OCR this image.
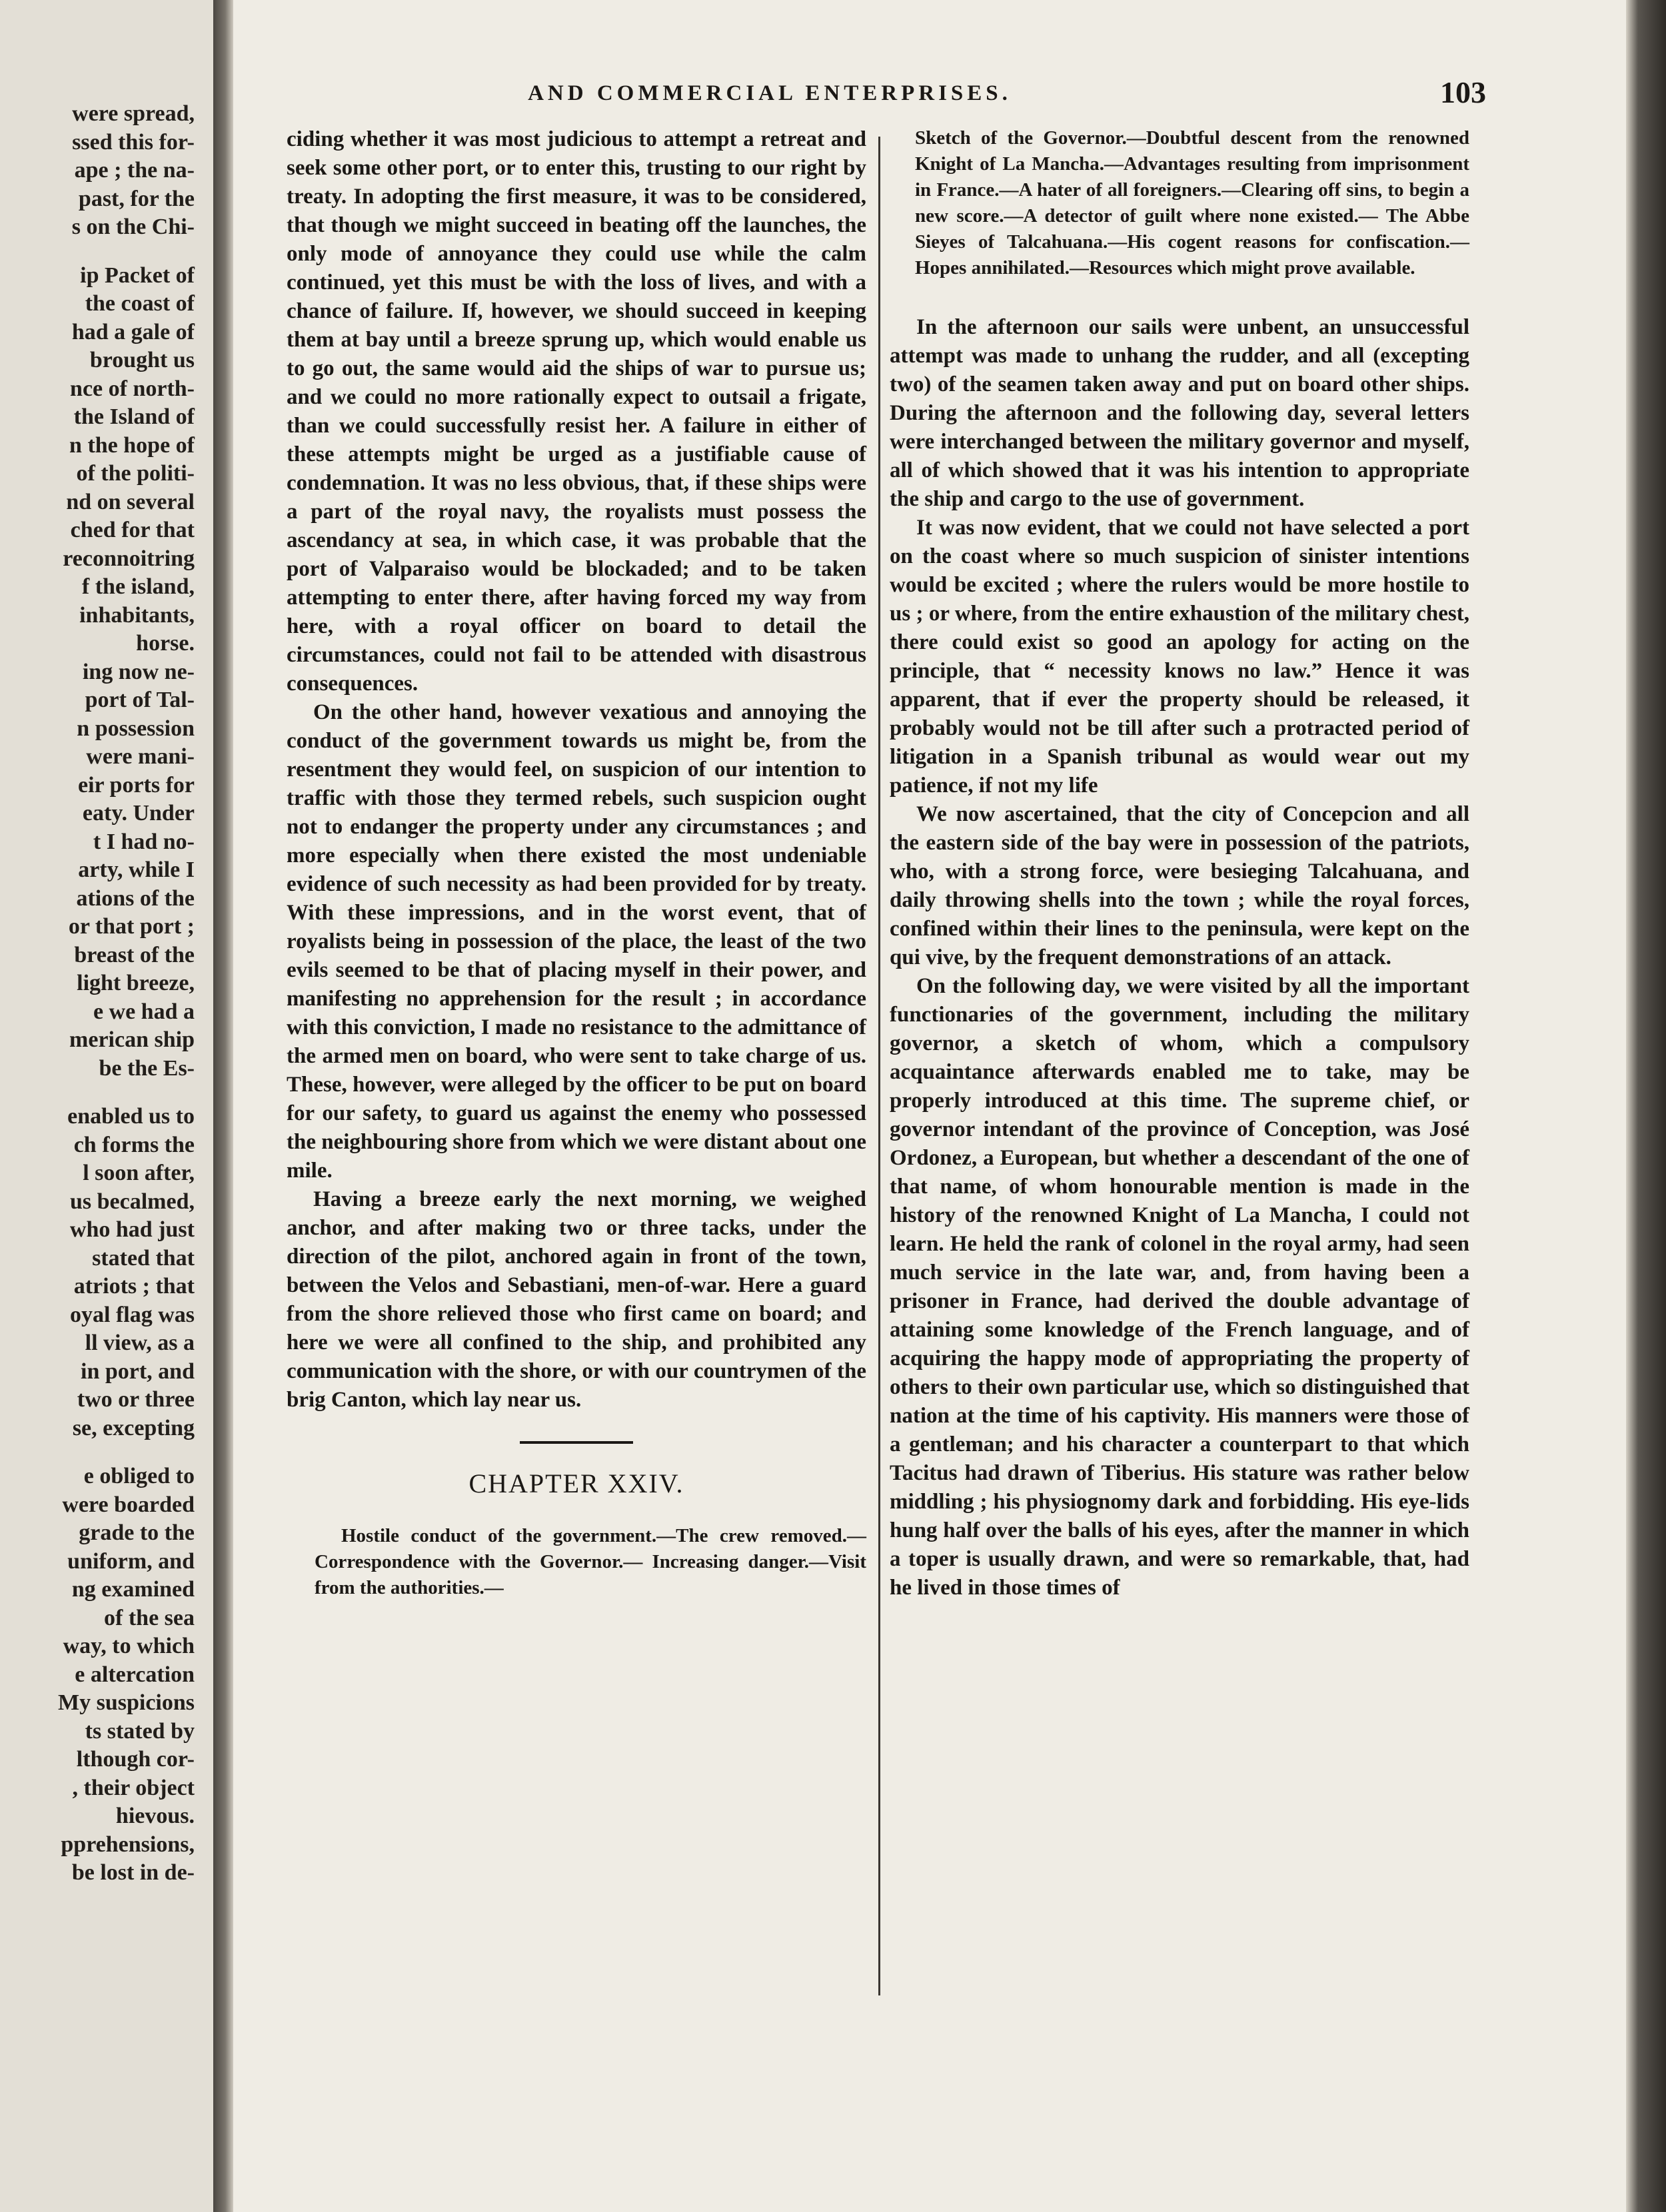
were spread,
ssed this for-
ape ; the na-
past, for the
s on the Chi-
ip Packet of
the coast of
had a gale of
brought us
nce of north-
the Island of
n the hope of
of the politi-
nd on several
ched for that
reconnoitring
f the island,
inhabitants,
horse.
ing now ne-
port of Tal-
n possession
were mani-
eir ports for
eaty. Under
t I had no-
arty, while I
ations of the
or that port ;
breast of the
light breeze,
e we had a
merican ship
be the Es-
enabled us to
ch forms the
l soon after,
us becalmed,
who had just
stated that
atriots ; that
oyal flag was
ll view, as a
in port, and
two or three
se, excepting
e obliged to
were boarded
grade to the
uniform, and
ng examined
of the sea
way, to which
e altercation
My suspicions
ts stated by
lthough cor-
, their object
hievous.
pprehensions,
be lost in de-
AND COMMERCIAL ENTERPRISES.	103

ciding whether it was most judicious to attempt a retreat and seek some other port, or to enter this, trusting to our right by treaty. In adopting the first measure, it was to be considered, that though we might succeed in beating off the launches, the only mode of annoyance they could use while the calm continued, yet this must be with the loss of lives, and with a chance of failure. If, however, we should succeed in keeping them at bay until a breeze sprung up, which would enable us to go out, the same would aid the ships of war to pursue us; and we could no more rationally expect to outsail a frigate, than we could successfully resist her. A failure in either of these attempts might be urged as a justifiable cause of condemnation. It was no less obvious, that, if these ships were a part of the royal navy, the royalists must possess the ascendancy at sea, in which case, it was probable that the port of Valparaiso would be blockaded; and to be taken attempting to enter there, after having forced my way from here, with a royal officer on board to detail the circumstances, could not fail to be attended with disastrous consequences.

On the other hand, however vexatious and annoying the conduct of the government towards us might be, from the resentment they would feel, on suspicion of our intention to traffic with those they termed rebels, such suspicion ought not to endanger the property under any circumstances ; and more especially when there existed the most undeniable evidence of such necessity as had been provided for by treaty. With these impressions, and in the worst event, that of royalists being in possession of the place, the least of the two evils seemed to be that of placing myself in their power, and manifesting no apprehension for the result ; in accordance with this conviction, I made no resistance to the admittance of the armed men on board, who were sent to take charge of us. These, however, were alleged by the officer to be put on board for our safety, to guard us against the enemy who possessed the neighbouring shore from which we were distant about one mile.

Having a breeze early the next morning, we weighed anchor, and after making two or three tacks, under the direction of the pilot, anchored again in front of the town, between the Velos and Sebastiani, men-of-war. Here a guard from the shore relieved those who first came on board; and here we were all confined to the ship, and prohibited any communication with the shore, or with our countrymen of the brig Canton, which lay near us.

CHAPTER XXIV.

Hostile conduct of the government.—The crew removed.— Correspondence with the Governor.— Increasing danger.—Visit from the authorities.—

Sketch of the Governor.—Doubtful descent from the renowned Knight of La Mancha.—Advantages resulting from imprisonment in France.—A hater of all foreigners.—Clearing off sins, to begin a new score.—A detector of guilt where none existed.— The Abbe Sieyes of Talcahuana.—His cogent reasons for confiscation.—Hopes annihilated.—Resources which might prove available.

In the afternoon our sails were unbent, an unsuccessful attempt was made to unhang the rudder, and all (excepting two) of the seamen taken away and put on board other ships. During the afternoon and the following day, several letters were interchanged between the military governor and myself, all of which showed that it was his intention to appropriate the ship and cargo to the use of government.

It was now evident, that we could not have selected a port on the coast where so much suspicion of sinister intentions would be excited ; where the rulers would be more hostile to us ; or where, from the entire exhaustion of the military chest, there could exist so good an apology for acting on the principle, that “ necessity knows no law.” Hence it was apparent, that if ever the property should be released, it probably would not be till after such a protracted period of litigation in a Spanish tribunal as would wear out my patience, if not my life

We now ascertained, that the city of Concepcion and all the eastern side of the bay were in possession of the patriots, who, with a strong force, were besieging Talcahuana, and daily throwing shells into the town ; while the royal forces, confined within their lines to the peninsula, were kept on the qui vive, by the frequent demonstrations of an attack.

On the following day, we were visited by all the important functionaries of the government, including the military governor, a sketch of whom, which a compulsory acquaintance afterwards enabled me to take, may be properly introduced at this time. The supreme chief, or governor intendant of the province of Conception, was José Ordonez, a European, but whether a descendant of the one of that name, of whom honourable mention is made in the history of the renowned Knight of La Mancha, I could not learn. He held the rank of colonel in the royal army, had seen much service in the late war, and, from having been a prisoner in France, had derived the double advantage of attaining some knowledge of the French language, and of acquiring the happy mode of appropriating the property of others to their own particular use, which so distinguished that nation at the time of his captivity. His manners were those of a gentleman; and his character a counterpart to that which Tacitus had drawn of Tiberius. His stature was rather below middling ; his physiognomy dark and forbidding. His eye-lids hung half over the balls of his eyes, after the manner in which a toper is usually drawn, and were so remarkable, that, had he lived in those times of
